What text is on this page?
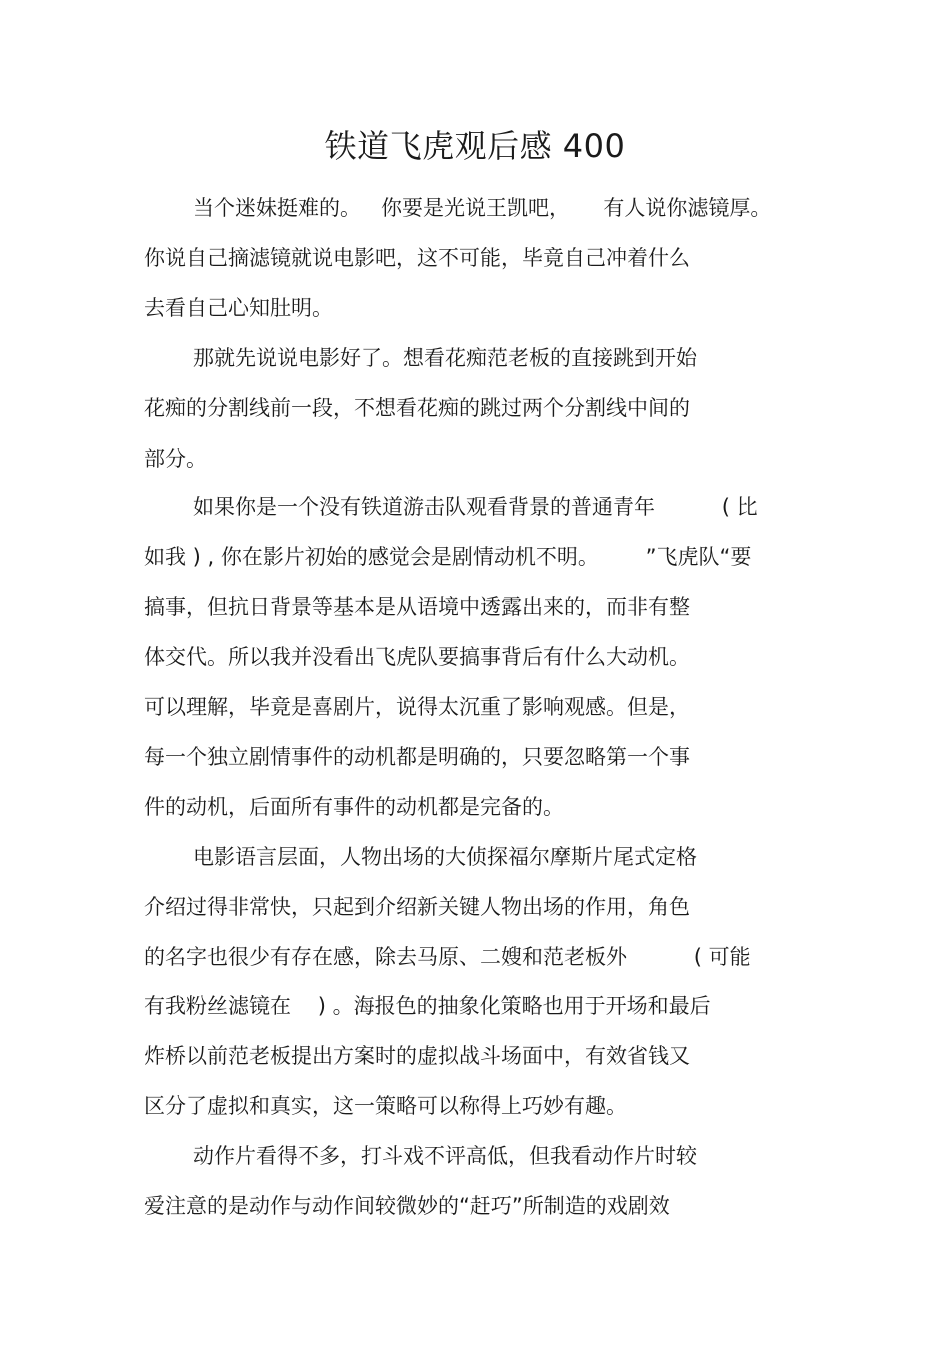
铁道飞虎观后感 400
当个迷妹挺难的。   你要是光说王凯吧，     有人说你滤镜厚。
你说自己摘滤镜就说电影吧，这不可能，毕竟自己冲着什么
去看自己心知肚明。
那就先说说电影好了。想看花痴范老板的直接跳到开始
花痴的分割线前一段，不想看花痴的跳过两个分割线中间的
部分。
如果你是一个没有铁道游击队观看背景的普通青年          ( 比
如我 ) , 你在影片初始的感觉会是剧情动机不明。       ”飞虎队“要
搞事，但抗日背景等基本是从语境中透露出来的，而非有整
体交代。所以我并没看出飞虎队要搞事背后有什么大动机。
可以理解，毕竟是喜剧片，说得太沉重了影响观感。但是，
每一个独立剧情事件的动机都是明确的，只要忽略第一个事
件的动机，后面所有事件的动机都是完备的。
电影语言层面，人物出场的大侦探福尔摩斯片尾式定格
介绍过得非常快，只起到介绍新关键人物出场的作用，角色
的名字也很少有存在感，除去马原、二嫂和范老板外          ( 可能
有我粉丝滤镜在    ) 。海报色的抽象化策略也用于开场和最后
炸桥以前范老板提出方案时的虚拟战斗场面中，有效省钱又
区分了虚拟和真实，这一策略可以称得上巧妙有趣。
动作片看得不多，打斗戏不评高低，但我看动作片时较
爱注意的是动作与动作间较微妙的“赶巧”所制造的戏剧效
